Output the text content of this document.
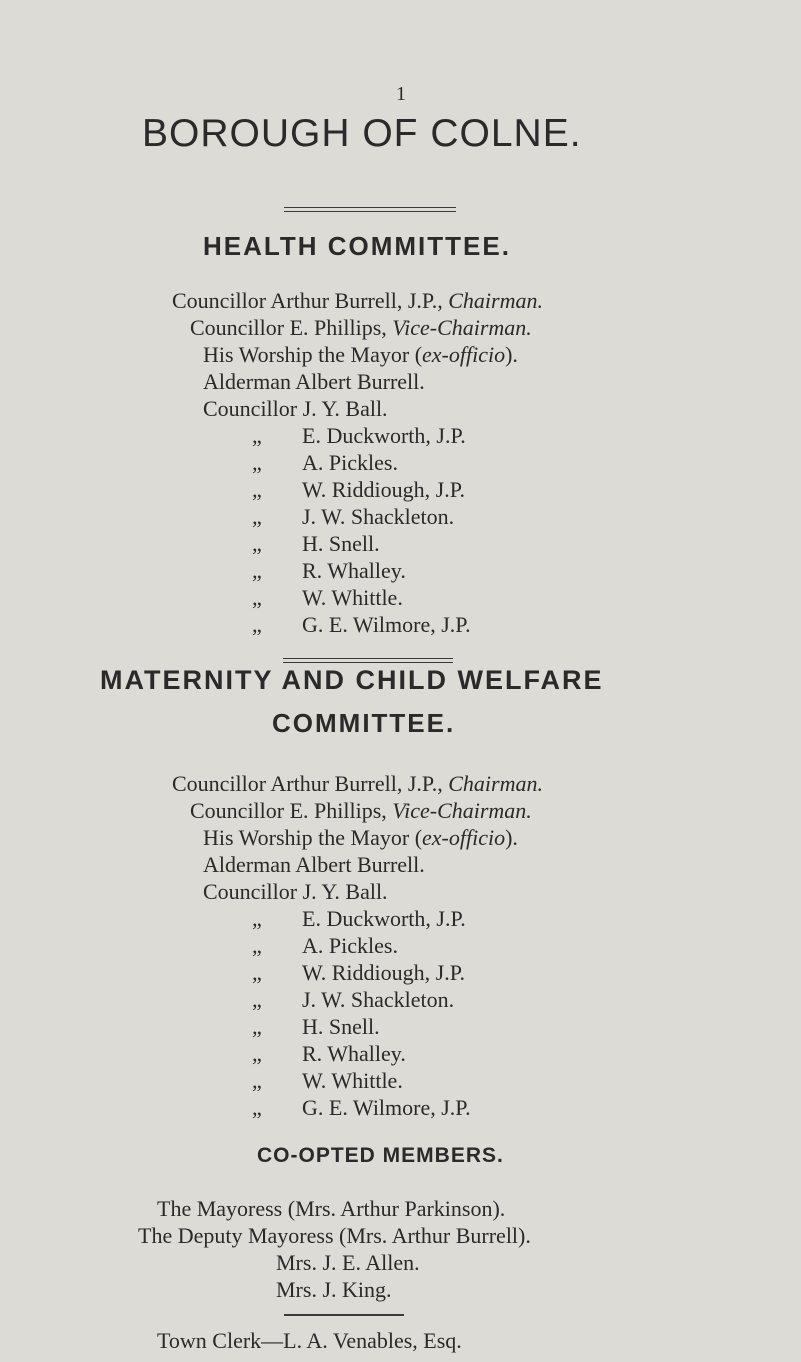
1
BOROUGH OF COLNE.
HEALTH COMMITTEE.
Councillor Arthur Burrell, J.P., Chairman.
Councillor E. Phillips, Vice-Chairman.
His Worship the Mayor (ex-officio).
Alderman Albert Burrell.
Councillor J. Y. Ball.
„ E. Duckworth, J.P.
„ A. Pickles.
„ W. Riddiough, J.P.
„ J. W. Shackleton.
„ H. Snell.
„ R. Whalley.
„ W. Whittle.
„ G. E. Wilmore, J.P.
MATERNITY AND CHILD WELFARE
COMMITTEE.
Councillor Arthur Burrell, J.P., Chairman.
Councillor E. Phillips, Vice-Chairman.
His Worship the Mayor (ex-officio).
Alderman Albert Burrell.
Councillor J. Y. Ball.
„ E. Duckworth, J.P.
„ A. Pickles.
„ W. Riddiough, J.P.
„ J. W. Shackleton.
„ H. Snell.
„ R. Whalley.
„ W. Whittle.
„ G. E. Wilmore, J.P.
CO-OPTED MEMBERS.
The Mayoress (Mrs. Arthur Parkinson).
The Deputy Mayoress (Mrs. Arthur Burrell).
Mrs. J. E. Allen.
Mrs. J. King.
Town Clerk—L. A. Venables, Esq.
